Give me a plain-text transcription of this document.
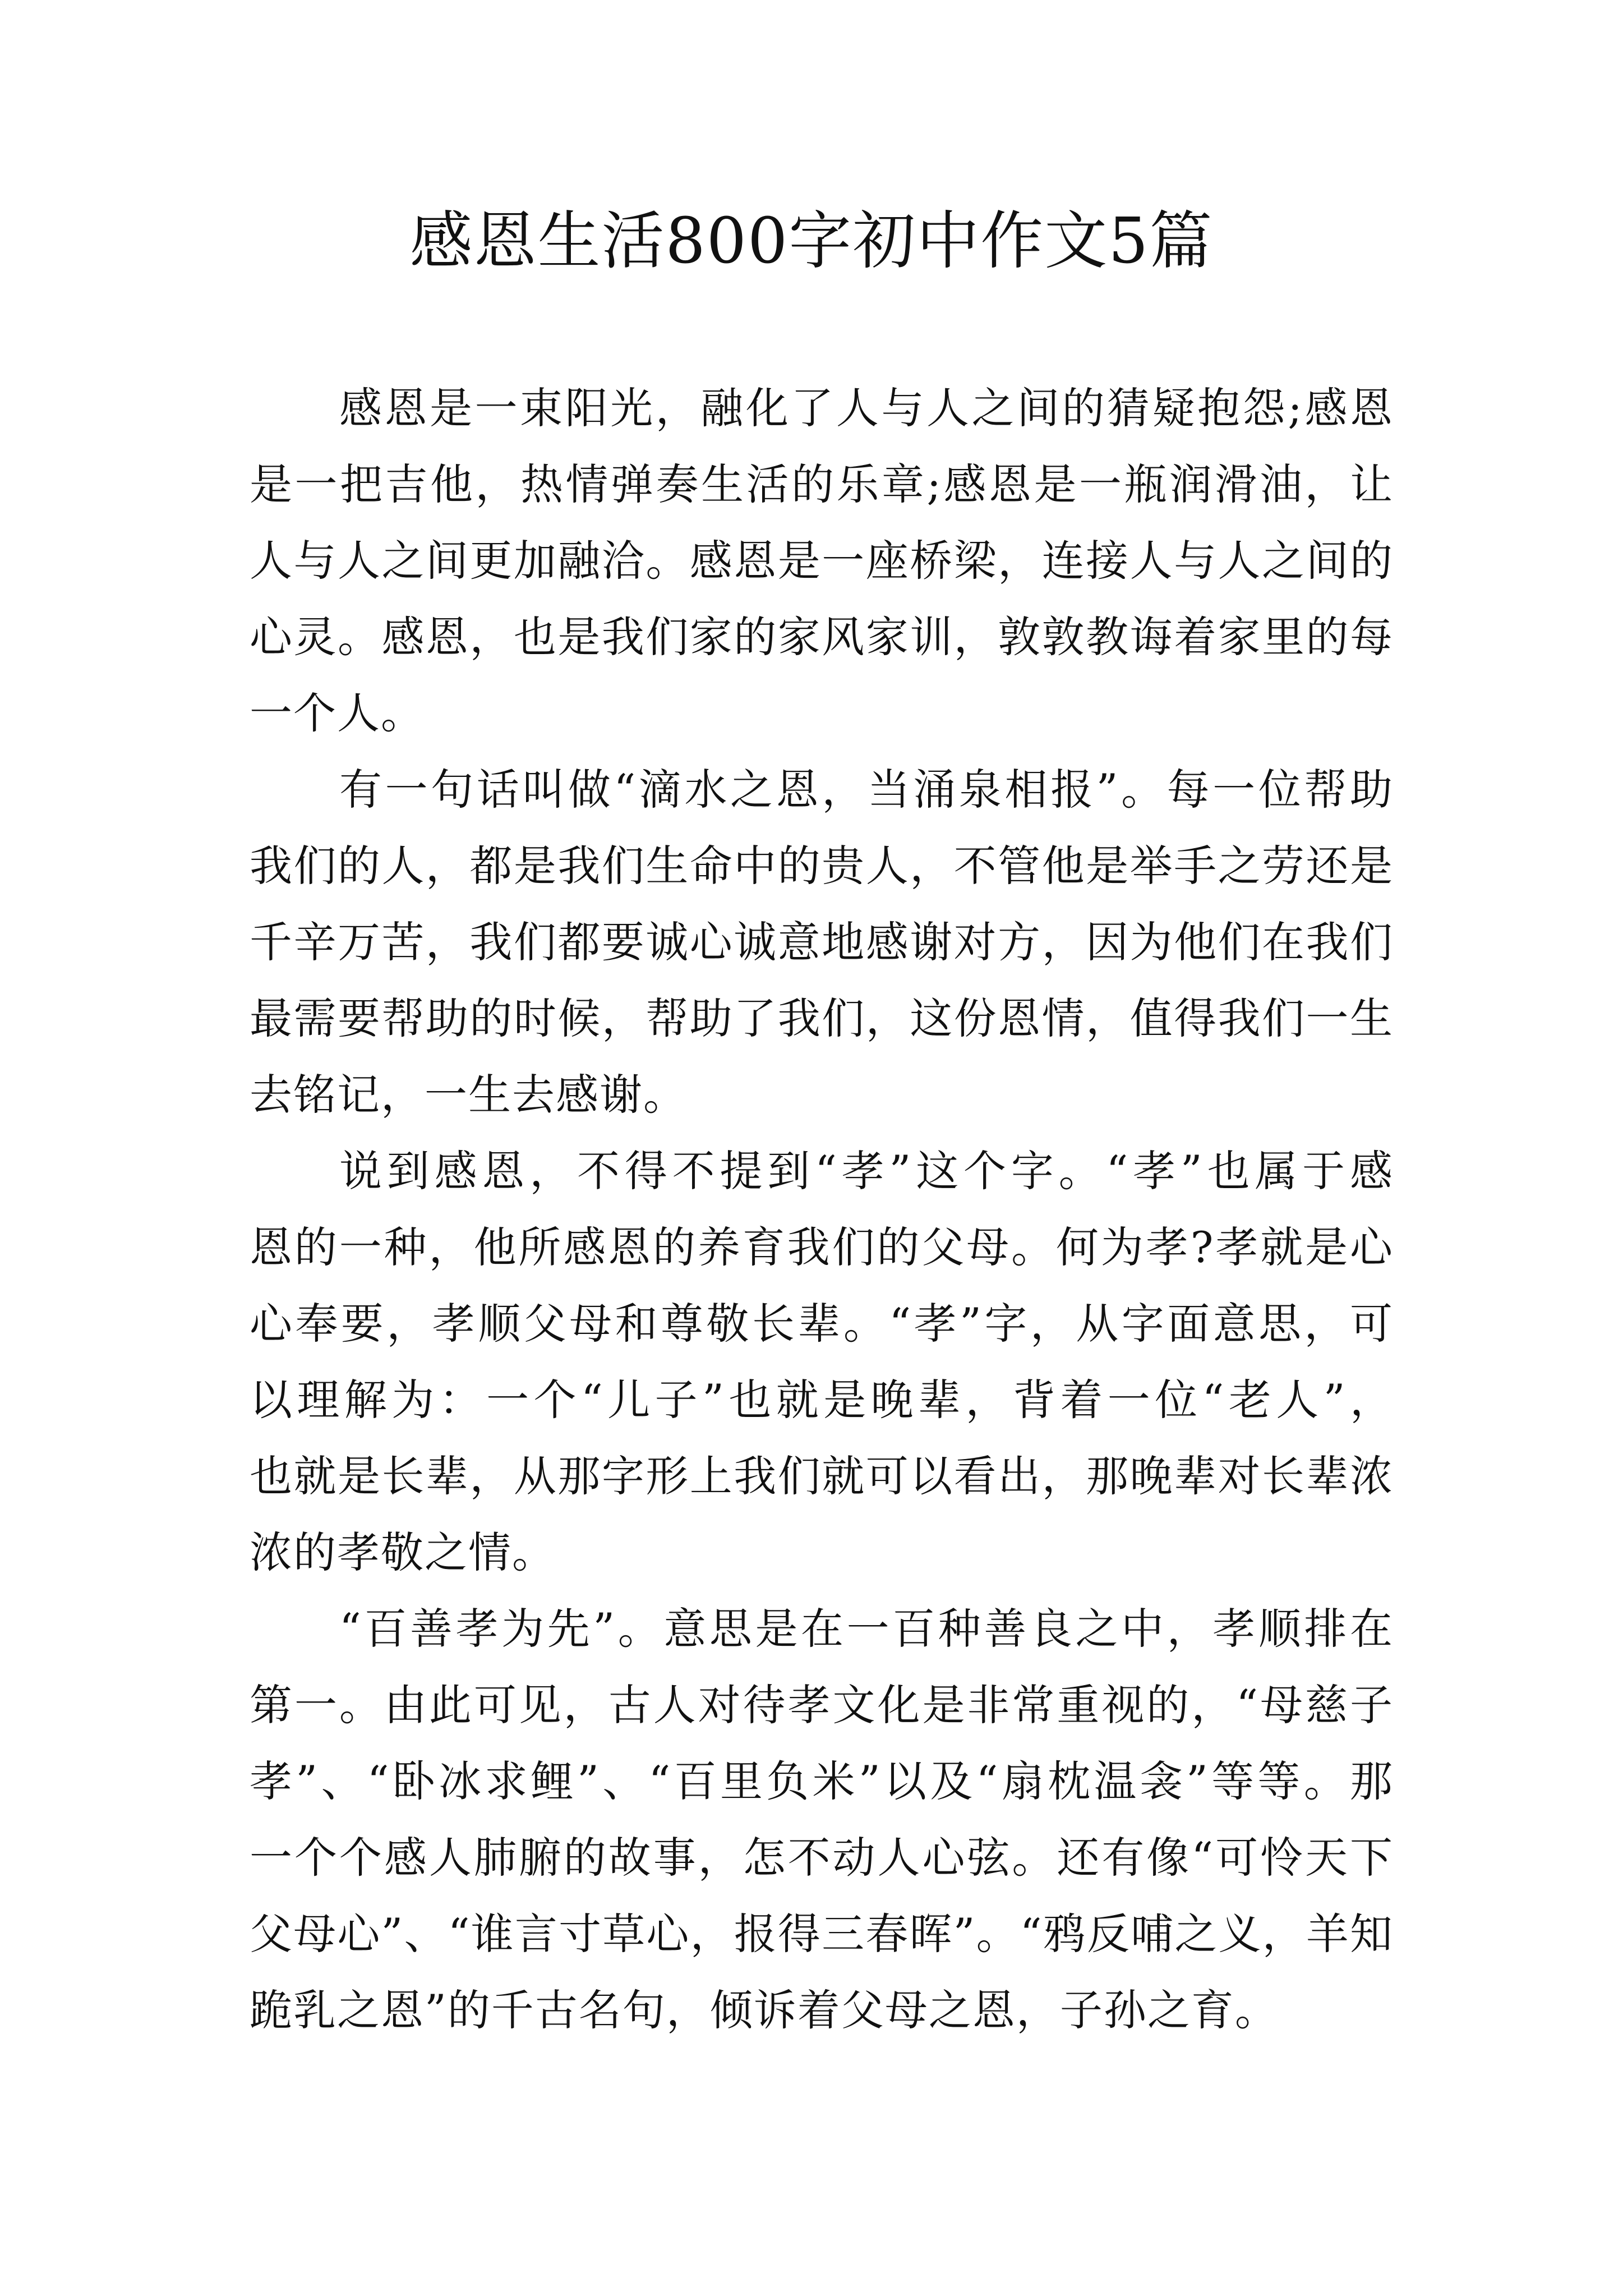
感恩生活800字初中作文5篇
感恩是一束阳光，融化了人与人之间的猜疑抱怨;感恩
是一把吉他，热情弹奏生活的乐章;感恩是一瓶润滑油，让
人与人之间更加融洽。感恩是一座桥梁，连接人与人之间的
心灵。感恩，也是我们家的家风家训，敦敦教诲着家里的每
一个人。
有一句话叫做“滴水之恩，当涌泉相报”。每一位帮助
我们的人，都是我们生命中的贵人，不管他是举手之劳还是
千辛万苦，我们都要诚心诚意地感谢对方，因为他们在我们
最需要帮助的时候，帮助了我们，这份恩情，值得我们一生
去铭记，一生去感谢。
说到感恩，不得不提到“孝”这个字。“孝”也属于感
恩的一种，他所感恩的养育我们的父母。何为孝?孝就是心
心奉要，孝顺父母和尊敬长辈。“孝”字，从字面意思，可
以理解为：一个“儿子”也就是晚辈，背着一位“老人”，
也就是长辈，从那字形上我们就可以看出，那晚辈对长辈浓
浓的孝敬之情。
“百善孝为先”。意思是在一百种善良之中，孝顺排在
第一。由此可见，古人对待孝文化是非常重视的，“母慈子
孝”、“卧冰求鲤”、“百里负米”以及“扇枕温衾”等等。那
一个个感人肺腑的故事，怎不动人心弦。还有像“可怜天下
父母心”、“谁言寸草心，报得三春晖”。“鸦反哺之义，羊知
跪乳之恩”的千古名句，倾诉着父母之恩，子孙之育。
